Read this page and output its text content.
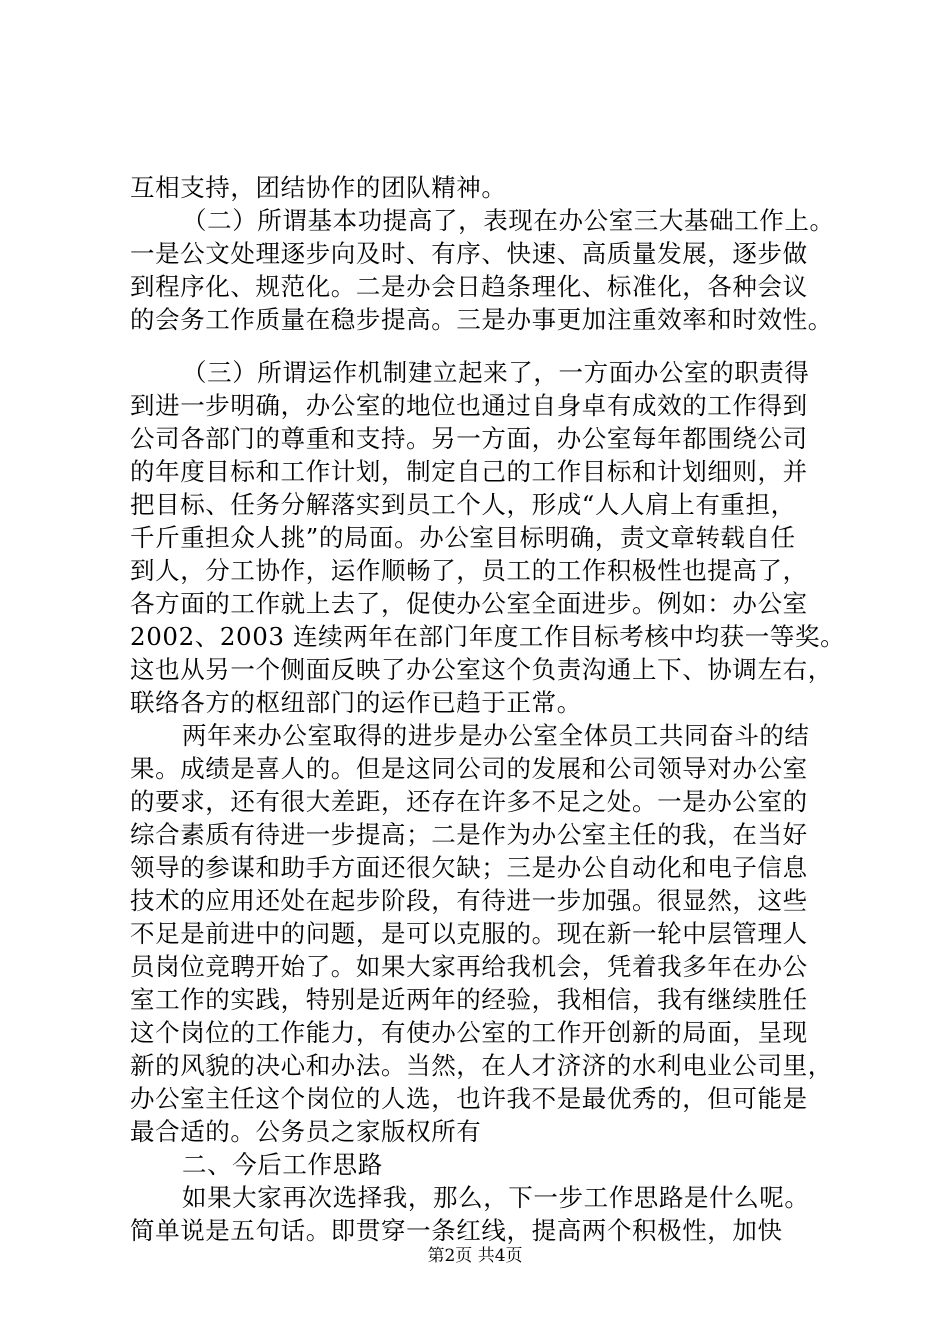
互相支持，团结协作的团队精神。
（二）所谓基本功提高了，表现在办公室三大基础工作上。
一是公文处理逐步向及时、有序、快速、高质量发展，逐步做
到程序化、规范化。二是办会日趋条理化、标准化，各种会议
的会务工作质量在稳步提高。三是办事更加注重效率和时效性。
（三）所谓运作机制建立起来了，一方面办公室的职责得
到进一步明确，办公室的地位也通过自身卓有成效的工作得到
公司各部门的尊重和支持。另一方面，办公室每年都围绕公司
的年度目标和工作计划，制定自己的工作目标和计划细则，并
把目标、任务分解落实到员工个人，形成“人人肩上有重担，
千斤重担众人挑”的局面。办公室目标明确，责文章转载自任
到人，分工协作，运作顺畅了，员工的工作积极性也提高了，
各方面的工作就上去了，促使办公室全面进步。例如：办公室
2002、2003 连续两年在部门年度工作目标考核中均获一等奖。
这也从另一个侧面反映了办公室这个负责沟通上下、协调左右，
联络各方的枢纽部门的运作已趋于正常。
两年来办公室取得的进步是办公室全体员工共同奋斗的结
果。成绩是喜人的。但是这同公司的发展和公司领导对办公室
的要求，还有很大差距，还存在许多不足之处。一是办公室的
综合素质有待进一步提高；二是作为办公室主任的我，在当好
领导的参谋和助手方面还很欠缺；三是办公自动化和电子信息
技术的应用还处在起步阶段，有待进一步加强。很显然，这些
不足是前进中的问题，是可以克服的。现在新一轮中层管理人
员岗位竞聘开始了。如果大家再给我机会，凭着我多年在办公
室工作的实践，特别是近两年的经验，我相信，我有继续胜任
这个岗位的工作能力，有使办公室的工作开创新的局面，呈现
新的风貌的决心和办法。当然，在人才济济的水利电业公司里，
办公室主任这个岗位的人选，也许我不是最优秀的，但可能是
最合适的。公务员之家版权所有
二、今后工作思路
如果大家再次选择我，那么，下一步工作思路是什么呢。
简单说是五句话。即贯穿一条红线，提高两个积极性，加快
第2页 共4页
